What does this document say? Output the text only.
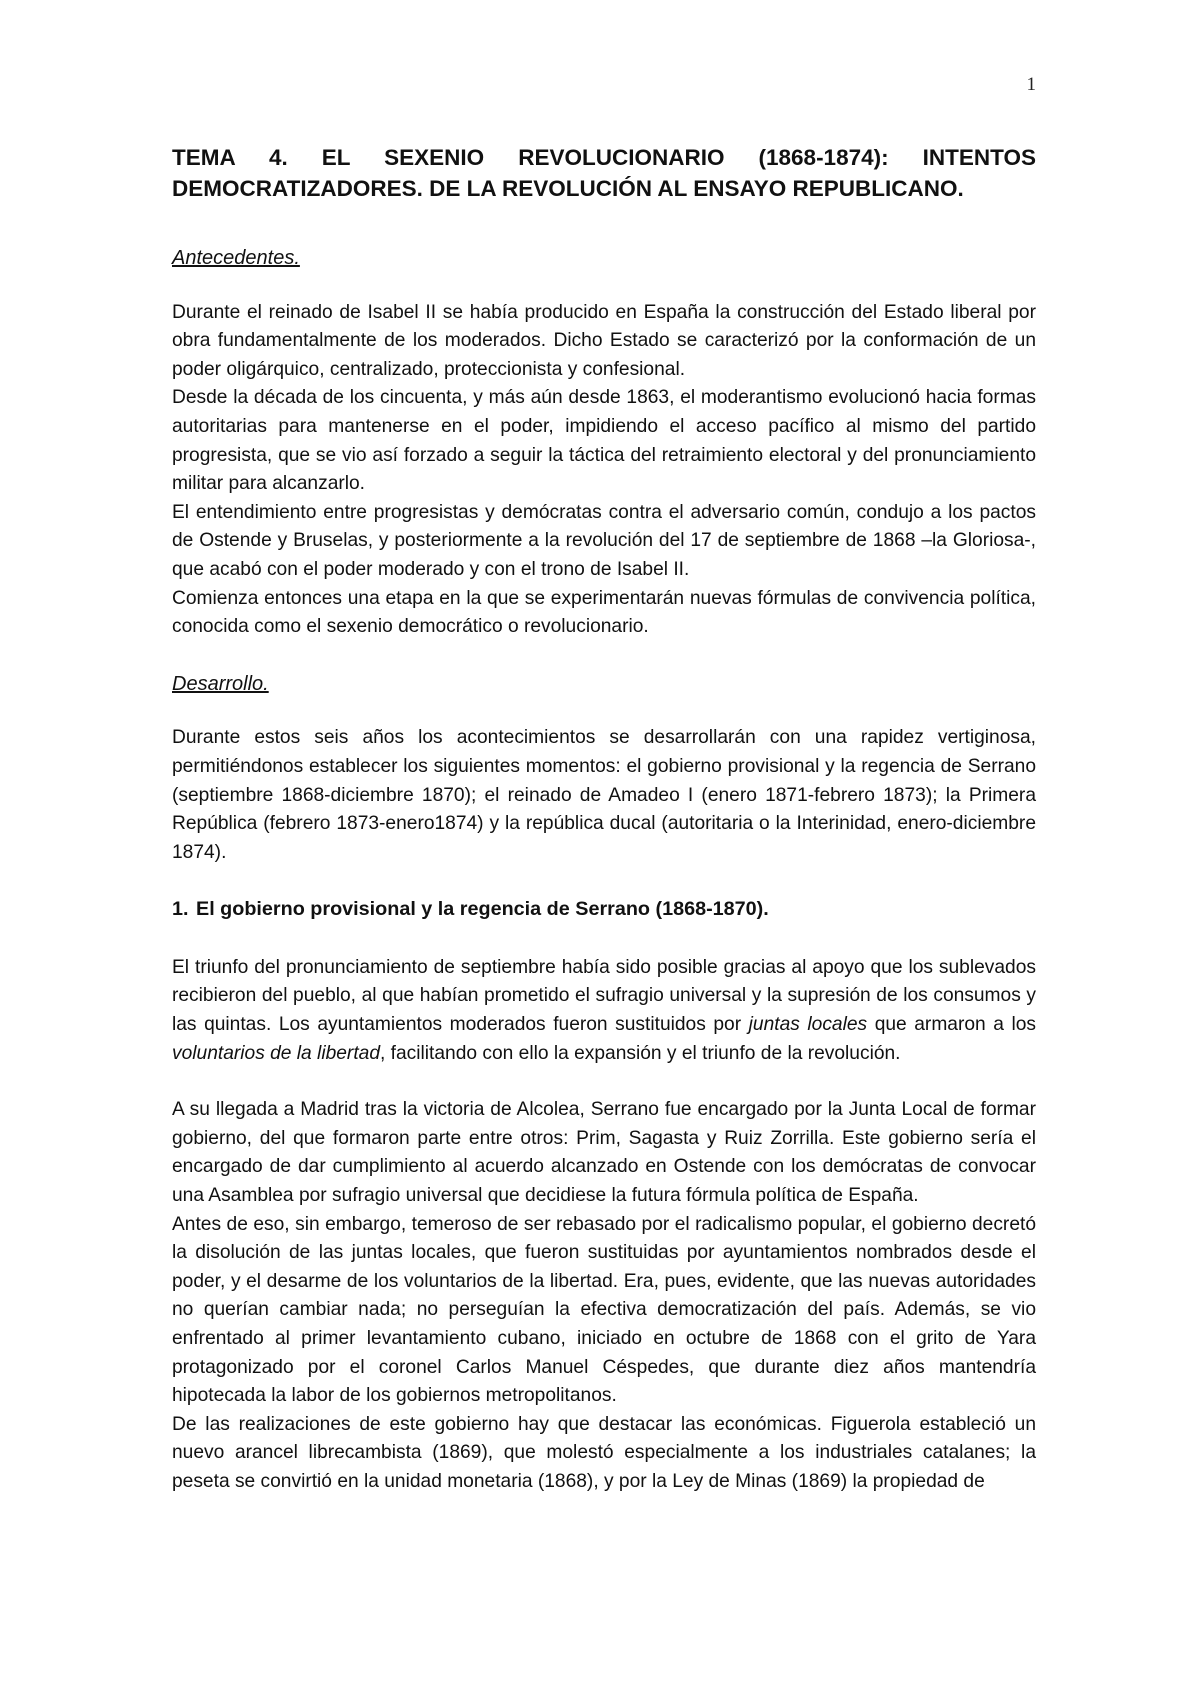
1
TEMA 4. EL SEXENIO REVOLUCIONARIO (1868-1874): INTENTOS DEMOCRATIZADORES. DE LA REVOLUCIÓN AL ENSAYO REPUBLICANO.
Antecedentes.

Durante el reinado de Isabel II se había producido en España la construcción del Estado liberal por obra fundamentalmente de los moderados. Dicho Estado se caracterizó por la conformación de un poder oligárquico, centralizado, proteccionista y confesional.

Desde la década de los cincuenta, y más aún desde 1863, el moderantismo evolucionó hacia formas autoritarias para mantenerse en el poder, impidiendo el acceso pacífico al mismo del partido progresista, que se vio así forzado a seguir la táctica del retraimiento electoral y del pronunciamiento militar para alcanzarlo.

El entendimiento entre progresistas y demócratas contra el adversario común, condujo a los pactos de Ostende y Bruselas, y posteriormente a la revolución del 17 de septiembre de 1868 –la Gloriosa-, que acabó con el poder moderado y con el trono de Isabel II.

Comienza entonces una etapa en la que se experimentarán nuevas fórmulas de convivencia política, conocida como el sexenio democrático o revolucionario.

Desarrollo.

Durante estos seis años los acontecimientos se desarrollarán con una rapidez vertiginosa, permitiéndonos establecer los siguientes momentos: el gobierno provisional y la regencia de Serrano (septiembre 1868-diciembre 1870); el reinado de Amadeo I (enero 1871-febrero 1873); la Primera República (febrero 1873-enero1874) y la república ducal (autoritaria o la Interinidad, enero-diciembre 1874).

1. El gobierno provisional y la regencia de Serrano (1868-1870).

El triunfo del pronunciamiento de septiembre había sido posible gracias al apoyo que los sublevados recibieron del pueblo, al que habían prometido el sufragio universal y la supresión de los consumos y las quintas. Los ayuntamientos moderados fueron sustituidos por juntas locales que armaron a los voluntarios de la libertad, facilitando con ello la expansión y el triunfo de la revolución.

A su llegada a Madrid tras la victoria de Alcolea, Serrano fue encargado por la Junta Local de formar gobierno, del que formaron parte entre otros: Prim, Sagasta y Ruiz Zorrilla. Este gobierno sería el encargado de dar cumplimiento al acuerdo alcanzado en Ostende con los demócratas de convocar una Asamblea por sufragio universal que decidiese la futura fórmula política de España.

Antes de eso, sin embargo, temeroso de ser rebasado por el radicalismo popular, el gobierno decretó la disolución de las juntas locales, que fueron sustituidas por ayuntamientos nombrados desde el poder, y el desarme de los voluntarios de la libertad. Era, pues, evidente, que las nuevas autoridades no querían cambiar nada; no perseguían la efectiva democratización del país. Además, se vio enfrentado al primer levantamiento cubano, iniciado en octubre de 1868 con el grito de Yara protagonizado por el coronel Carlos Manuel Céspedes, que durante diez años mantendría hipotecada la labor de los gobiernos metropolitanos.

De las realizaciones de este gobierno hay que destacar las económicas. Figuerola estableció un nuevo arancel librecambista (1869), que molestó especialmente a los industriales catalanes; la peseta se convirtió en la unidad monetaria (1868), y por la Ley de Minas (1869) la propiedad de
